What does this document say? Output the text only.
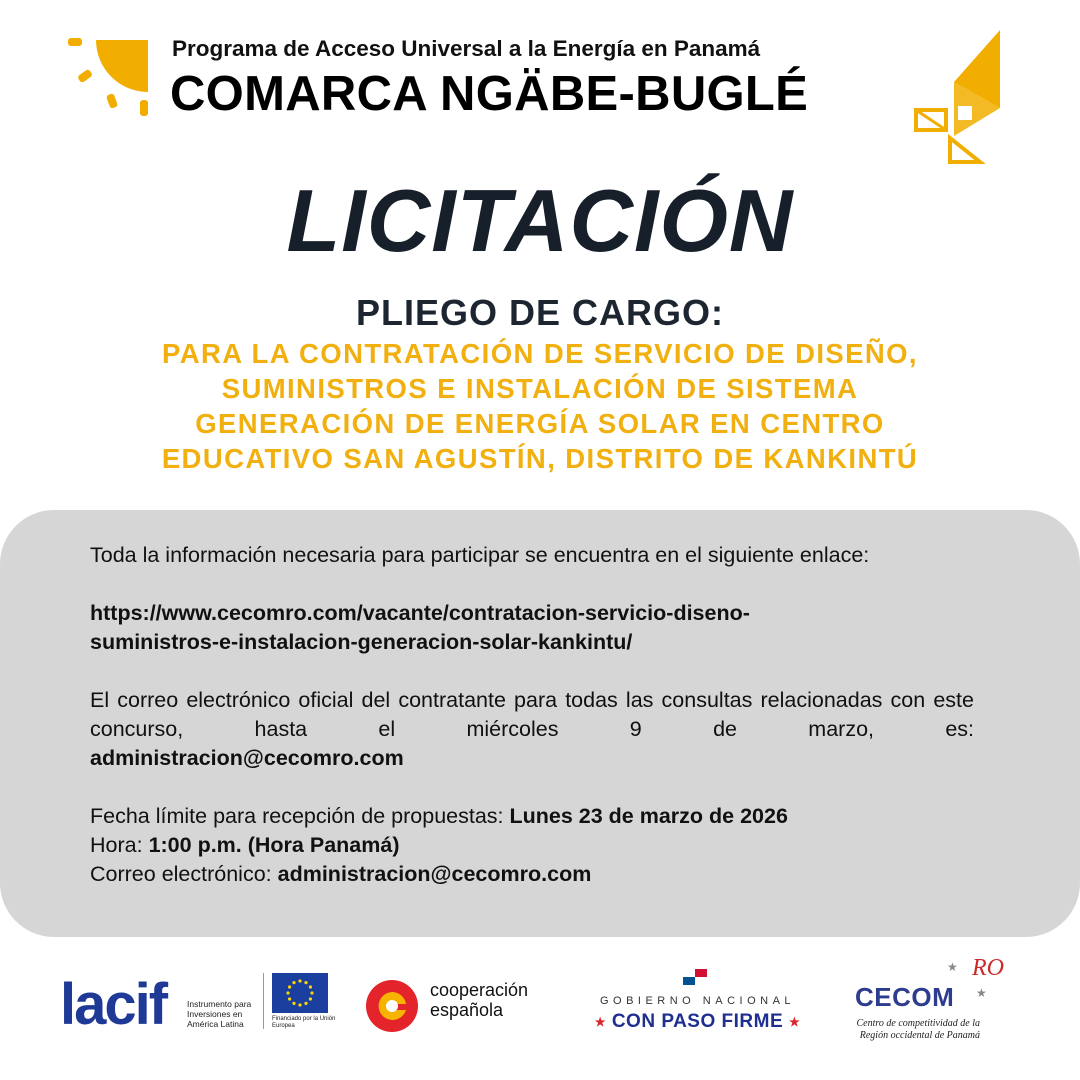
Programa de Acceso Universal a la Energía en Panamá
COMARCA NGÄBE-BUGLÉ
LICITACIÓN
PLIEGO DE CARGO:
PARA LA CONTRATACIÓN DE SERVICIO DE DISEÑO,
SUMINISTROS E INSTALACIÓN DE SISTEMA
GENERACIÓN DE ENERGÍA SOLAR EN CENTRO
EDUCATIVO SAN AGUSTÍN, DISTRITO DE KANKINTÚ

Toda la información necesaria para participar se encuentra en el siguiente enlace:

https://www.cecomro.com/vacante/contratacion-servicio-diseno-
suministros-e-instalacion-generacion-solar-kankintu/

El correo electrónico oficial del contratante para todas las consultas relacionadas con este concurso, hasta el miércoles 9 de marzo, es:
administracion@cecomro.com

Fecha límite para recepción de propuestas: Lunes 23 de marzo de 2026
Hora: 1:00 p.m. (Hora Panamá)
Correo electrónico: administracion@cecomro.com

lacif Instrumento para Inversiones en América Latina	Financiado por la Unión Europea
cooperación
española	GOBIERNO NACIONAL
★ CON PASO FIRME ★
★ RO
CECOM ★
Centro de competitividad de la Región occidental de Panamá
